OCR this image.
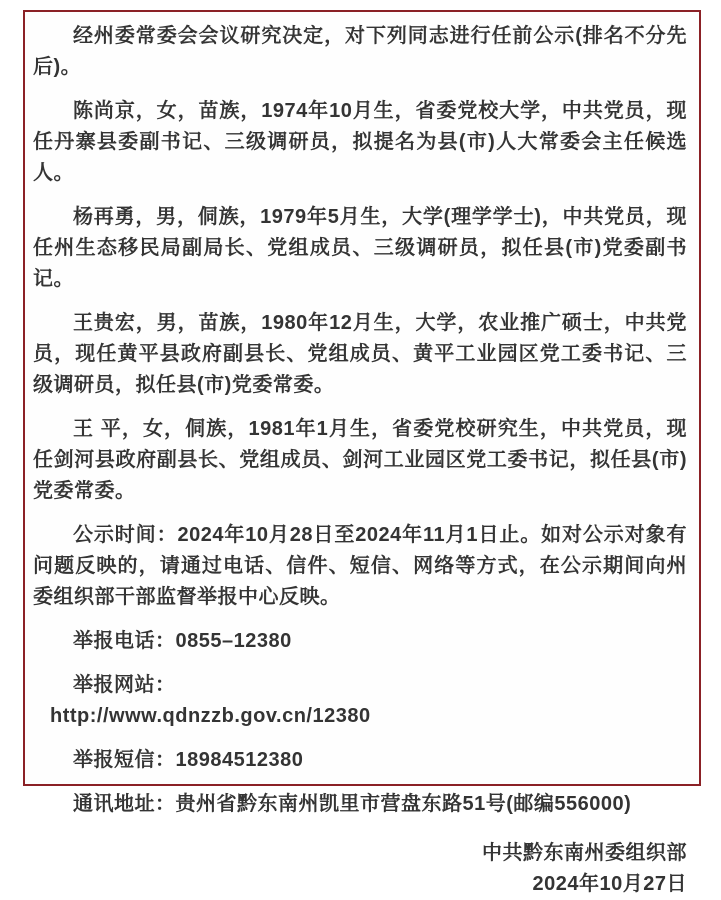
经州委常委会会议研究决定，对下列同志进行任前公示(排名不分先后)。

陈尚京，女，苗族，1974年10月生，省委党校大学，中共党员，现任丹寨县委副书记、三级调研员，拟提名为县(市)人大常委会主任候选人。

杨再勇，男，侗族，1979年5月生，大学(理学学士)，中共党员，现任州生态移民局副局长、党组成员、三级调研员，拟任县(市)党委副书记。

王贵宏，男，苗族，1980年12月生，大学，农业推广硕士，中共党员，现任黄平县政府副县长、党组成员、黄平工业园区党工委书记、三级调研员，拟任县(市)党委常委。

王 平，女，侗族，1981年1月生，省委党校研究生，中共党员，现任剑河县政府副县长、党组成员、剑河工业园区党工委书记，拟任县(市)党委常委。

公示时间：2024年10月28日至2024年11月1日止。如对公示对象有问题反映的，请通过电话、信件、短信、网络等方式，在公示期间向州委组织部干部监督举报中心反映。

举报电话：0855–12380

举报网站：
http://www.qdnzzb.gov.cn/12380

举报短信：18984512380

通讯地址：贵州省黔东南州凯里市营盘东路51号(邮编556000)

中共黔东南州委组织部

2024年10月27日
